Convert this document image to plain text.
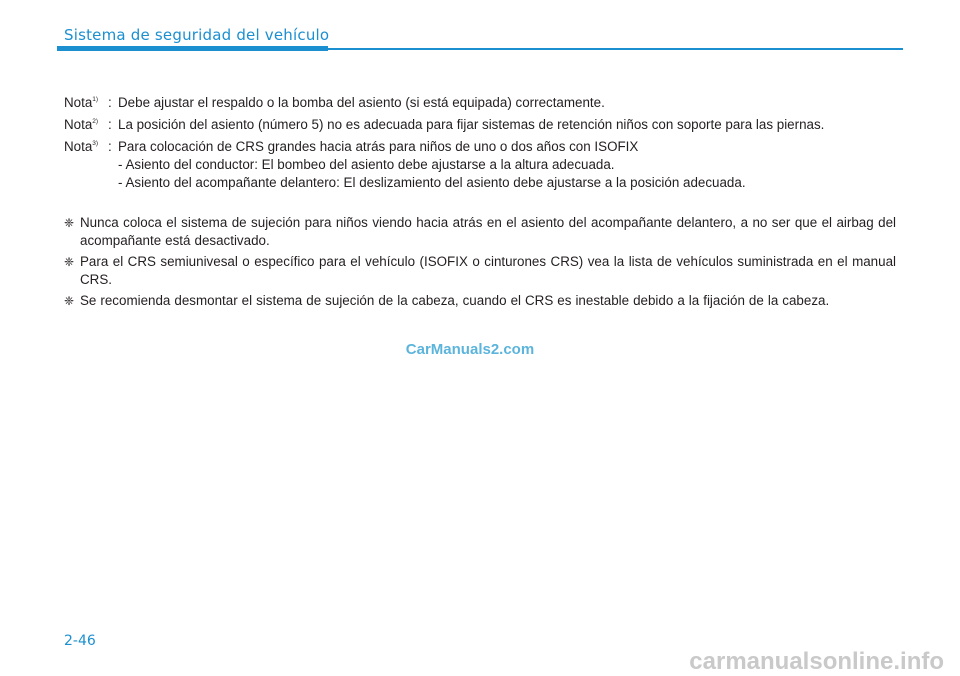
Sistema de seguridad del vehículo
Nota$^{1)}$ : Debe ajustar el respaldo o la bomba del asiento (si está equipada) correctamente.
Nota$^{2)}$ : La posición del asiento (número 5) no es adecuada para fijar sistemas de retención niños con soporte para las piernas.
Nota$^{3)}$ : Para colocación de CRS grandes hacia atrás para niños de uno o dos años con ISOFIX
- Asiento del conductor: El bombeo del asiento debe ajustarse a la altura adecuada.
- Asiento del acompañante delantero: El deslizamiento del asiento debe ajustarse a la posición adecuada.
❈ Nunca coloca el sistema de sujeción para niños viendo hacia atrás en el asiento del acompañante delantero, a no ser que el airbag del acompañante está desactivado.
❈ Para el CRS semiunivesal o específico para el vehículo (ISOFIX o cinturones CRS) vea la lista de vehículos suministrada en el manual CRS.
❈ Se recomienda desmontar el sistema de sujeción de la cabeza, cuando el CRS es inestable debido a la fijación de la cabeza.
CarManuals2.com
2-46
carmanualsonline.info
